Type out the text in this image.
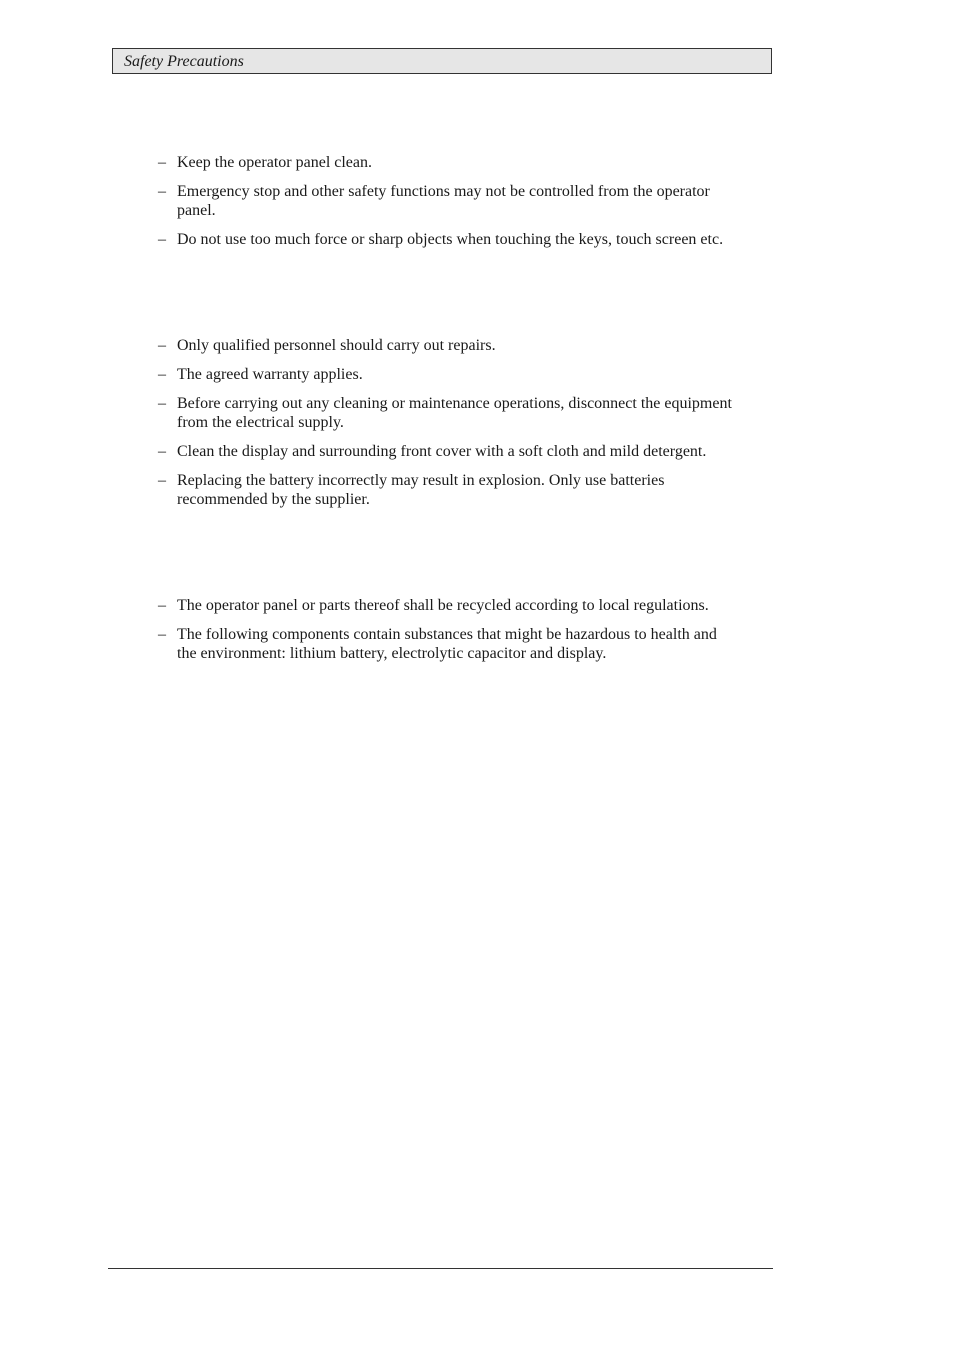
Safety Precautions
– Keep the operator panel clean.
– Emergency stop and other safety functions may not be controlled from the operator panel.
– Do not use too much force or sharp objects when touching the keys, touch screen etc.
– Only qualified personnel should carry out repairs.
– The agreed warranty applies.
– Before carrying out any cleaning or maintenance operations, disconnect the equipment from the electrical supply.
– Clean the display and surrounding front cover with a soft cloth and mild detergent.
– Replacing the battery incorrectly may result in explosion. Only use batteries recommended by the supplier.
– The operator panel or parts thereof shall be recycled according to local regulations.
– The following components contain substances that might be hazardous to health and the environment: lithium battery, electrolytic capacitor and display.
